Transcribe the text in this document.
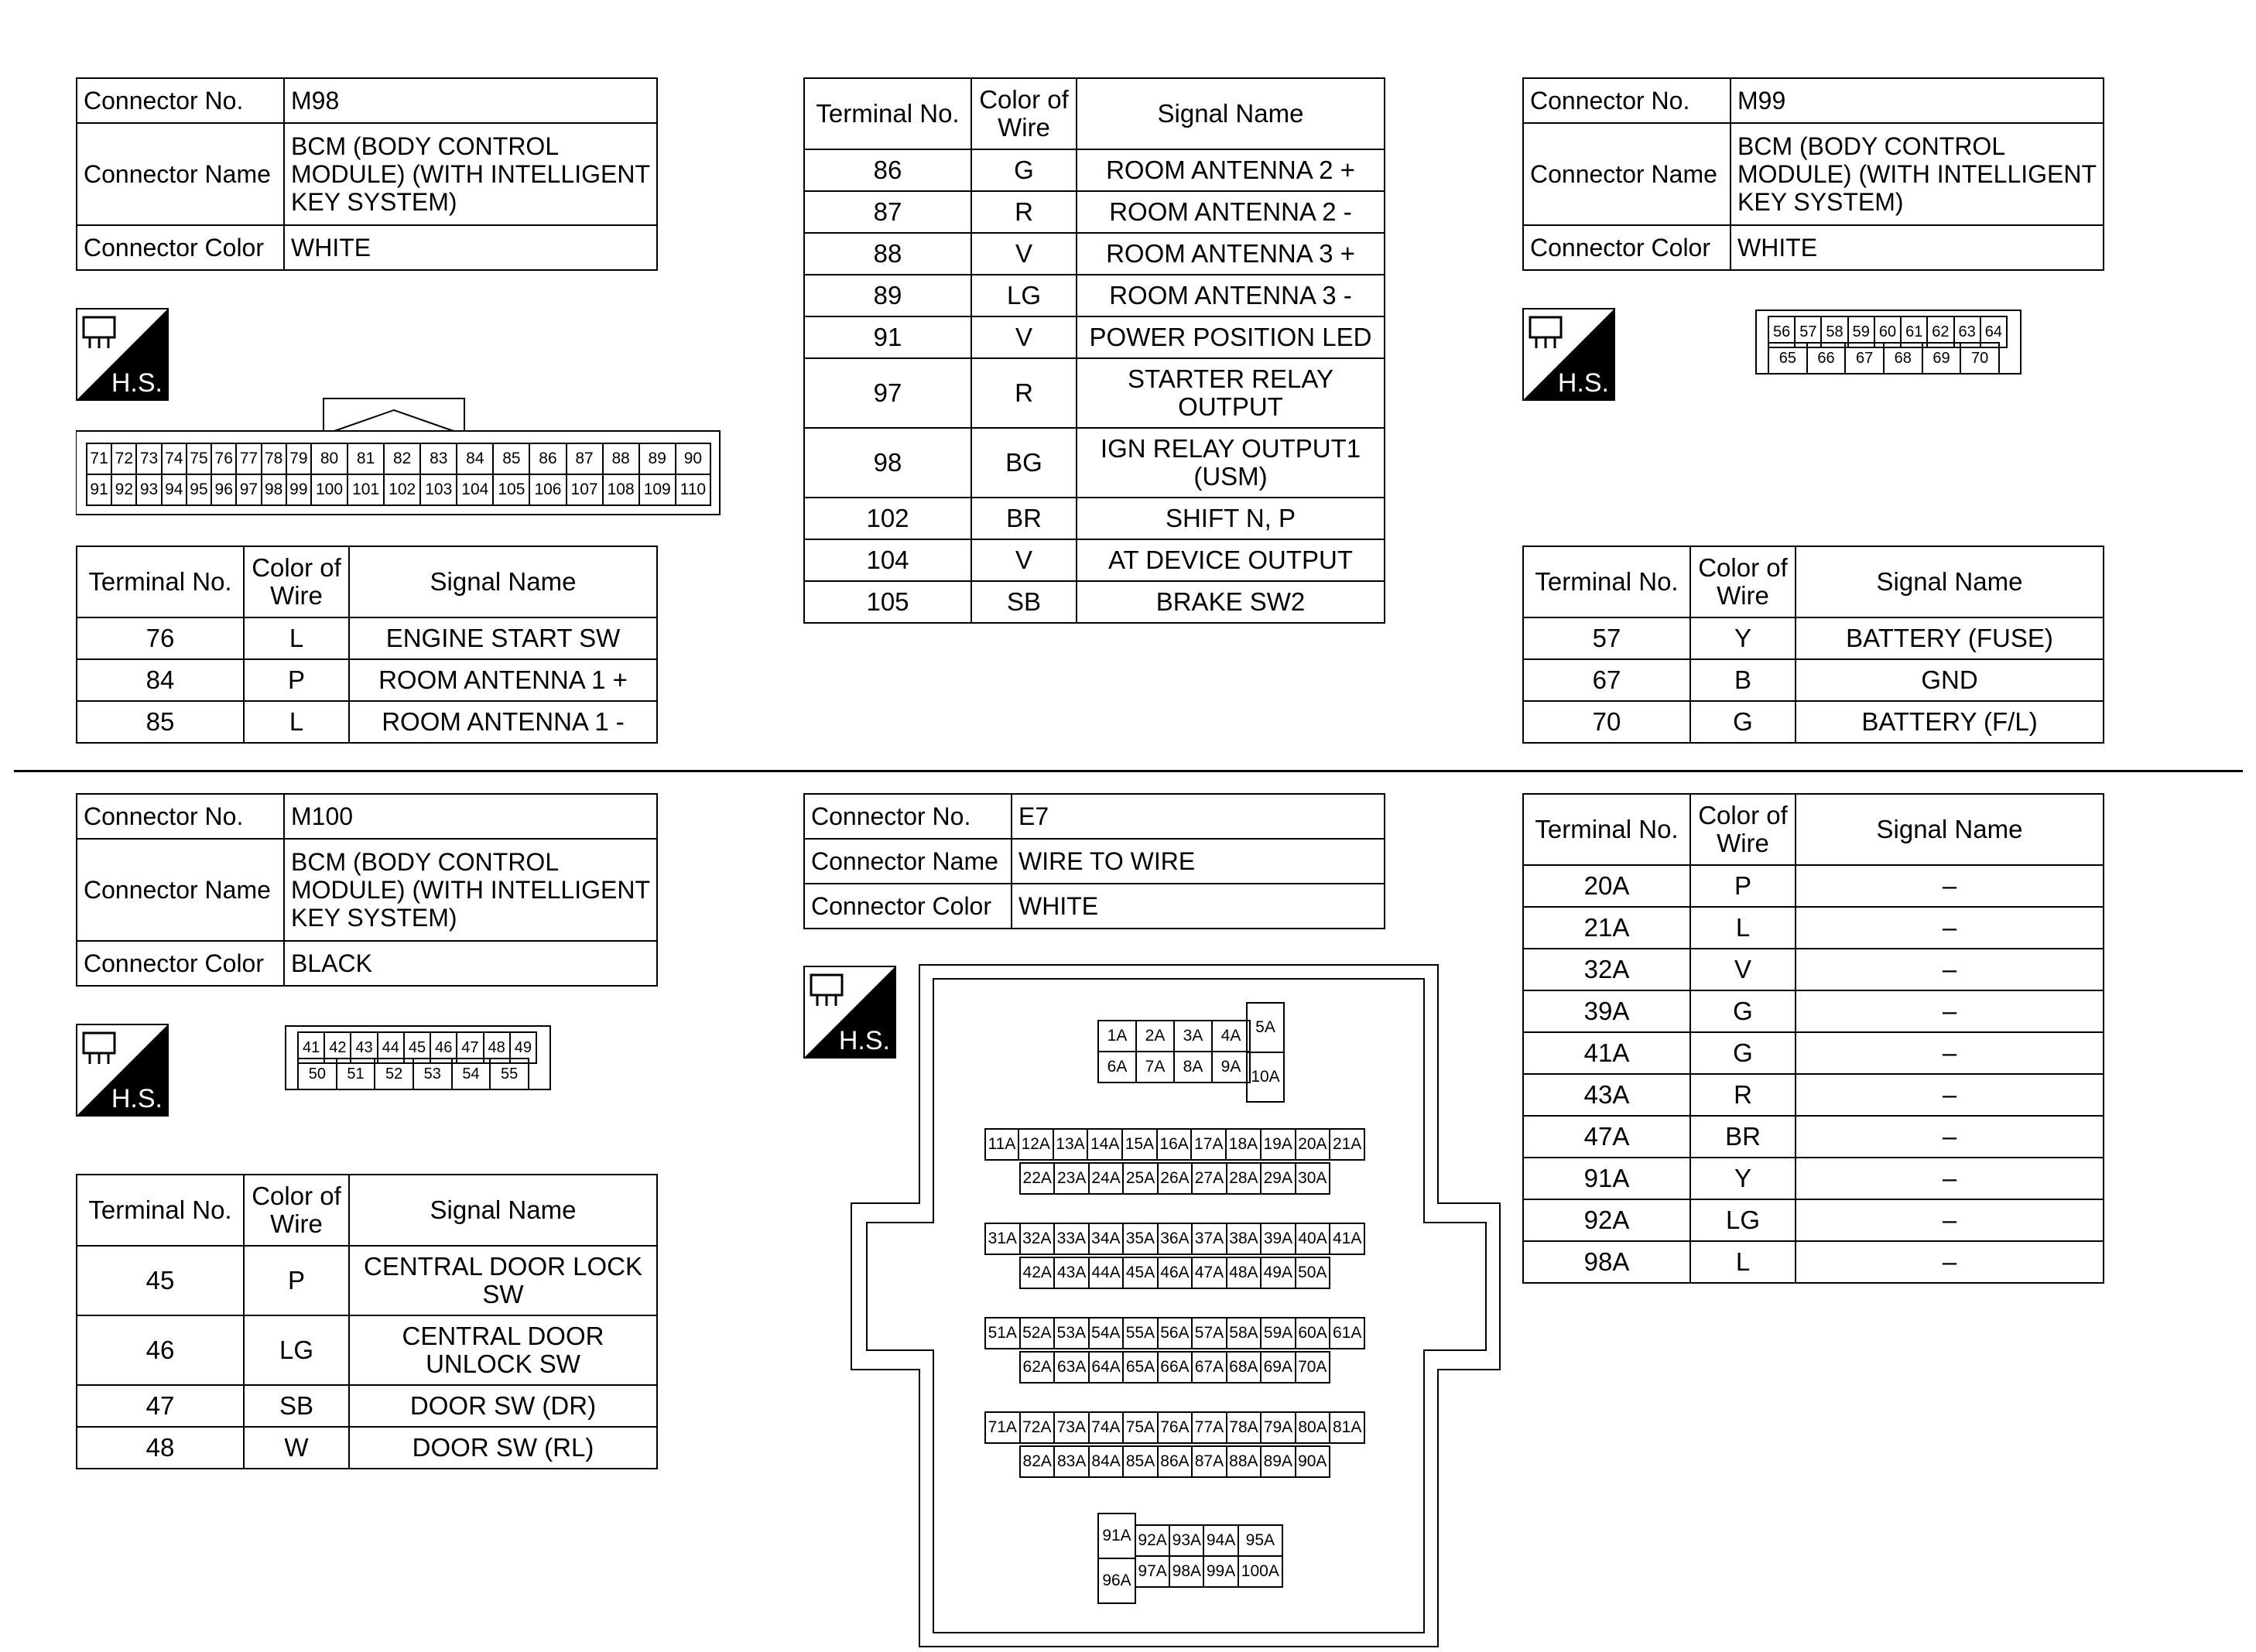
Connector No.	M98
Connector Name	BCM (BODY CONTROL MODULE) (WITH INTELLIGENT KEY SYSTEM)
Connector Color	WHITE
H.S.
71	72	73	74	75	76	77	78	79	80	81	82	83	84	85	86	87	88	89	90
91	92	93	94	95	96	97	98	99	100	101	102	103	104	105	106	107	108	109	110
Terminal No.	Color of Wire	Signal Name
76	L	ENGINE START SW
84	P	ROOM ANTENNA 1 +
85	L	ROOM ANTENNA 1 -
Terminal No.	Color of Wire	Signal Name
86	G	ROOM ANTENNA 2 +
87	R	ROOM ANTENNA 2 -
88	V	ROOM ANTENNA 3 +
89	LG	ROOM ANTENNA 3 -
91	V	POWER POSITION LED
97	R	STARTER RELAY OUTPUT
98	BG	IGN RELAY OUTPUT1 (USM)
102	BR	SHIFT N, P
104	V	AT DEVICE OUTPUT
105	SB	BRAKE SW2
Connector No.	M99
Connector Name	BCM (BODY CONTROL MODULE) (WITH INTELLIGENT KEY SYSTEM)
Connector Color	WHITE
H.S.
56	57	58	59	60	61	62	63	64
65	66	67	68	69	70
Terminal No.	Color of Wire	Signal Name
57	Y	BATTERY (FUSE)
67	B	GND
70	G	BATTERY (F/L)
Connector No.	M100
Connector Name	BCM (BODY CONTROL MODULE) (WITH INTELLIGENT KEY SYSTEM)
Connector Color	BLACK
H.S.
41	42	43	44	45	46	47	48	49
50	51	52	53	54	55
Terminal No.	Color of Wire	Signal Name
45	P	CENTRAL DOOR LOCK SW
46	LG	CENTRAL DOOR UNLOCK SW
47	SB	DOOR SW (DR)
48	W	DOOR SW (RL)
Connector No.	E7
Connector Name	WIRE TO WIRE
Connector Color	WHITE
H.S.	1A	2A	3A	4A
6A	7A	8A	9A
5A
10A
11A	12A	13A	14A	15A	16A	17A	18A	19A	20A	21A
22A	23A	24A	25A	26A	27A	28A	29A	30A
31A	32A	33A	34A	35A	36A	37A	38A	39A	40A	41A
42A	43A	44A	45A	46A	47A	48A	49A	50A
51A	52A	53A	54A	55A	56A	57A	58A	59A	60A	61A
62A	63A	64A	65A	66A	67A	68A	69A	70A
71A	72A	73A	74A	75A	76A	77A	78A	79A	80A	81A
82A	83A	84A	85A	86A	87A	88A	89A	90A
91A
96A
92A	93A	94A	95A
97A	98A	99A	100A
Terminal No.	Color of Wire	Signal Name
20A	P	–
21A	L	–
32A	V	–
39A	G	–
41A	G	–
43A	R	–
47A	BR	–
91A	Y	–
92A	LG	–
98A	L	–
